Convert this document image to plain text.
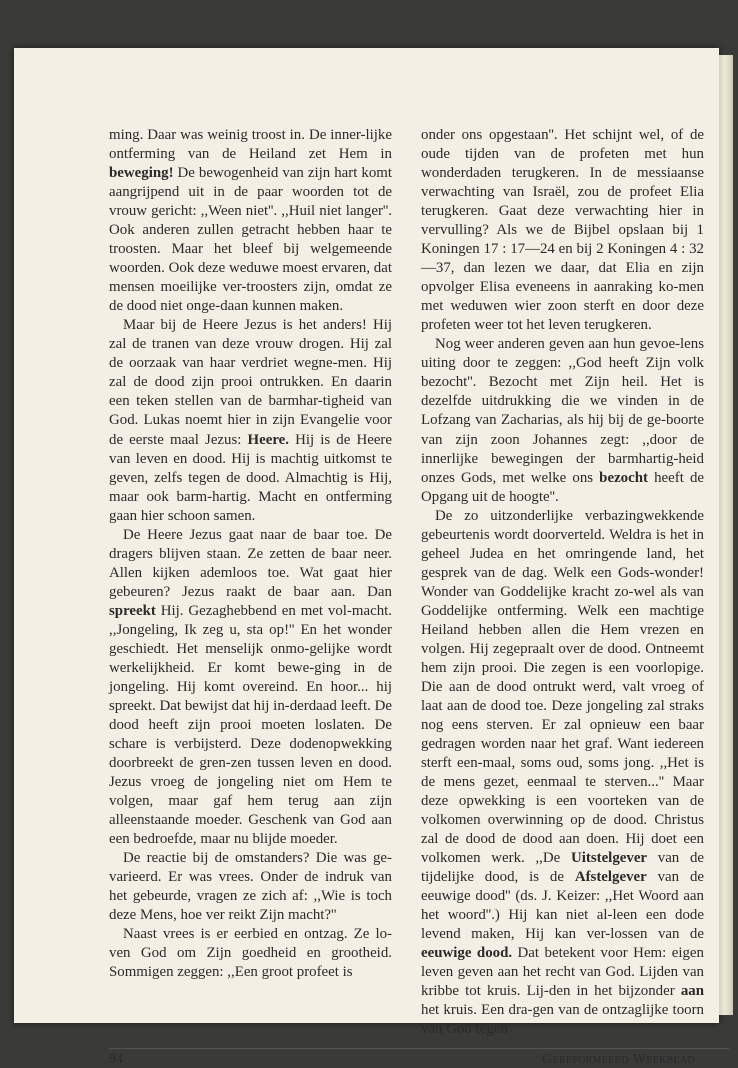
ming. Daar was weinig troost in. De inner-lijke ontferming van de Heiland zet Hem in beweging! De bewogenheid van zijn hart komt aangrijpend uit in de paar woorden tot de vrouw gericht: ,,Ween niet''. ,,Huil niet langer''. Ook anderen zullen getracht hebben haar te troosten. Maar het bleef bij welgemeende woorden. Ook deze weduwe moest ervaren, dat mensen moeilijke ver-troosters zijn, omdat ze de dood niet onge-daan kunnen maken.

Maar bij de Heere Jezus is het anders! Hij zal de tranen van deze vrouw drogen. Hij zal de oorzaak van haar verdriet wegne-men. Hij zal de dood zijn prooi ontrukken. En daarin een teken stellen van de barmhar-tigheid van God. Lukas noemt hier in zijn Evangelie voor de eerste maal Jezus: Heere. Hij is de Heere van leven en dood. Hij is machtig uitkomst te geven, zelfs tegen de dood. Almachtig is Hij, maar ook barm-hartig. Macht en ontferming gaan hier schoon samen.

De Heere Jezus gaat naar de baar toe. De dragers blijven staan. Ze zetten de baar neer. Allen kijken ademloos toe. Wat gaat hier gebeuren? Jezus raakt de baar aan. Dan spreekt Hij. Gezaghebbend en met vol-macht. ,,Jongeling, Ik zeg u, sta op!'' En het wonder geschiedt. Het menselijk onmo-gelijke wordt werkelijkheid. Er komt bewe-ging in de jongeling. Hij komt overeind. En hoor... hij spreekt. Dat bewijst dat hij in-derdaad leeft. De dood heeft zijn prooi moeten loslaten. De schare is verbijsterd. Deze dodenopwekking doorbreekt de gren-zen tussen leven en dood. Jezus vroeg de jongeling niet om Hem te volgen, maar gaf hem terug aan zijn alleenstaande moeder. Geschenk van God aan een bedroefde, maar nu blijde moeder.

De reactie bij de omstanders? Die was ge-varieerd. Er was vrees. Onder de indruk van het gebeurde, vragen ze zich af: ,,Wie is toch deze Mens, hoe ver reikt Zijn macht?''

Naast vrees is er eerbied en ontzag. Ze lo-ven God om Zijn goedheid en grootheid. Sommigen zeggen: ,,Een groot profeet is

onder ons opgestaan''. Het schijnt wel, of de oude tijden van de profeten met hun wonderdaden terugkeren. In de messiaanse verwachting van Israël, zou de profeet Elia terugkeren. Gaat deze verwachting hier in vervulling? Als we de Bijbel opslaan bij 1 Koningen 17 : 17—24 en bij 2 Koningen 4 : 32—37, dan lezen we daar, dat Elia en zijn opvolger Elisa eveneens in aanraking ko-men met weduwen wier zoon sterft en door deze profeten weer tot het leven terugkeren.

Nog weer anderen geven aan hun gevoe-lens uiting door te zeggen: ,,God heeft Zijn volk bezocht''. Bezocht met Zijn heil. Het is dezelfde uitdrukking die we vinden in de Lofzang van Zacharias, als hij bij de ge-boorte van zijn zoon Johannes zegt: ,,door de innerlijke bewegingen der barmhartig-heid onzes Gods, met welke ons bezocht heeft de Opgang uit de hoogte''.

De zo uitzonderlijke verbazingwekkende gebeurtenis wordt doorverteld. Weldra is het in geheel Judea en het omringende land, het gesprek van de dag. Welk een Gods-wonder! Wonder van Goddelijke kracht zo-wel als van Goddelijke ontferming. Welk een machtige Heiland hebben allen die Hem vrezen en volgen. Hij zegepraalt over de dood. Ontneemt hem zijn prooi. Die zegen is een voorlopige. Die aan de dood ontrukt werd, valt vroeg of laat aan de dood toe. Deze jongeling zal straks nog eens sterven. Er zal opnieuw een baar gedragen worden naar het graf. Want iedereen sterft een-maal, soms oud, soms jong. ,,Het is de mens gezet, eenmaal te sterven...'' Maar deze opwekking is een voorteken van de volkomen overwinning op de dood. Christus zal de dood de dood aan doen. Hij doet een volkomen werk. ,,De Uitstelgever van de tijdelijke dood, is de Afstelgever van de eeuwige dood'' (ds. J. Keizer: ,,Het Woord aan het woord''.) Hij kan niet al-leen een dode levend maken, Hij kan ver-lossen van de eeuwige dood. Dat betekent voor Hem: eigen leven geven aan het recht van God. Lijden van kribbe tot kruis. Lij-den in het bijzonder aan het kruis. Een dra-gen van de ontzaglijke toorn van God tegen

94	Gereformeerd Weekblad
